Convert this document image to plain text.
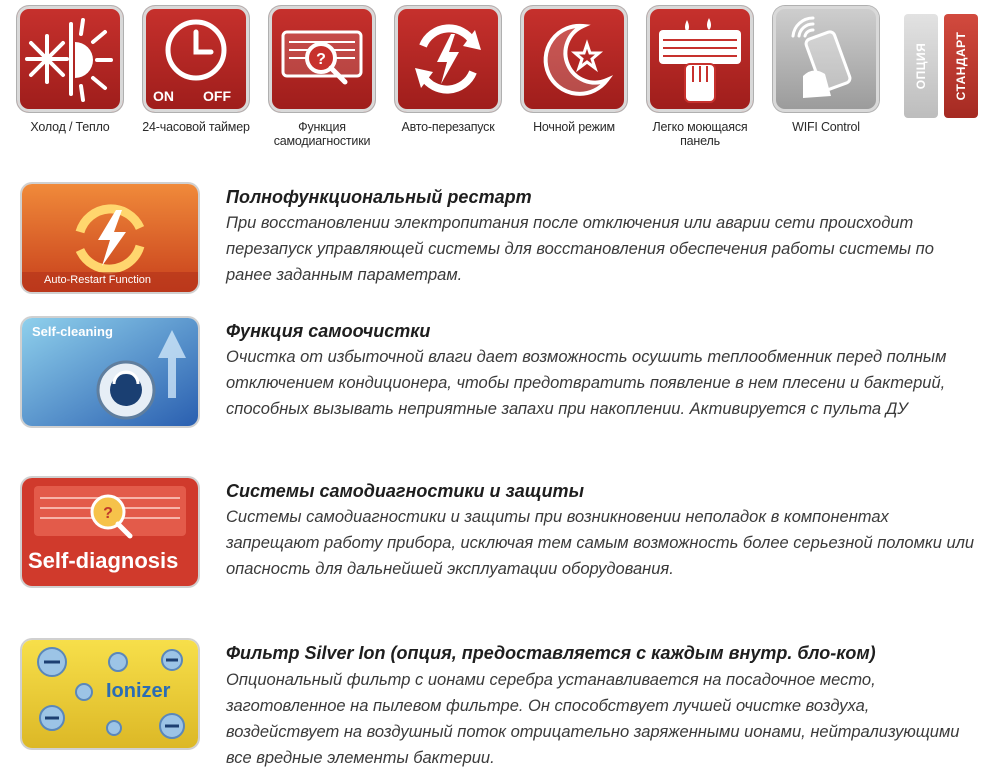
Холод / Тепло
ON OFF
24-часовой таймер
?
Функция самодиагностики
Авто-перезапуск	Ночной режим	Легко моющаяся панель
WIFI Control
ОПЦИЯ СТАНДАРТ
Auto-Restart Function
Полнофункциональный рестарт
При восстановлении электропитания после отключения или аварии сети происходит перезапуск управляющей системы для восстановления обеспечения работы системы по ранее заданным параметрам.
Self-cleaning	Функция самоочистки
Очистка от избыточной влаги дает возможность осушить теплообменник перед полным отключением кондиционера, чтобы предотвратить появление в нем плесени и бактерий, способных вызывать неприятные запахи при накоплении. Активируется с пульта ДУ
?
Self-diagnosis
Системы самодиагностики и защиты
Системы самодиагностики и защиты при возникновении неполадок в компонентах запрещают работу прибора, исключая тем самым возможность более серьезной поломки или опасность для дальнейшей эксплуатации оборудования.
Ionizer
Фильтр Silver Ion (опция, предоставляется с каждым внутр. бло-ком) Опциональный фильтр с ионами серебра устанавливается на посадочное место, заготовленное на пылевом фильтре. Он способствует лучшей очистке воздуха, воздействует на воздушный поток отрицательно заряженными ионами, нейтрализующими все вредные элементы бактерии.
